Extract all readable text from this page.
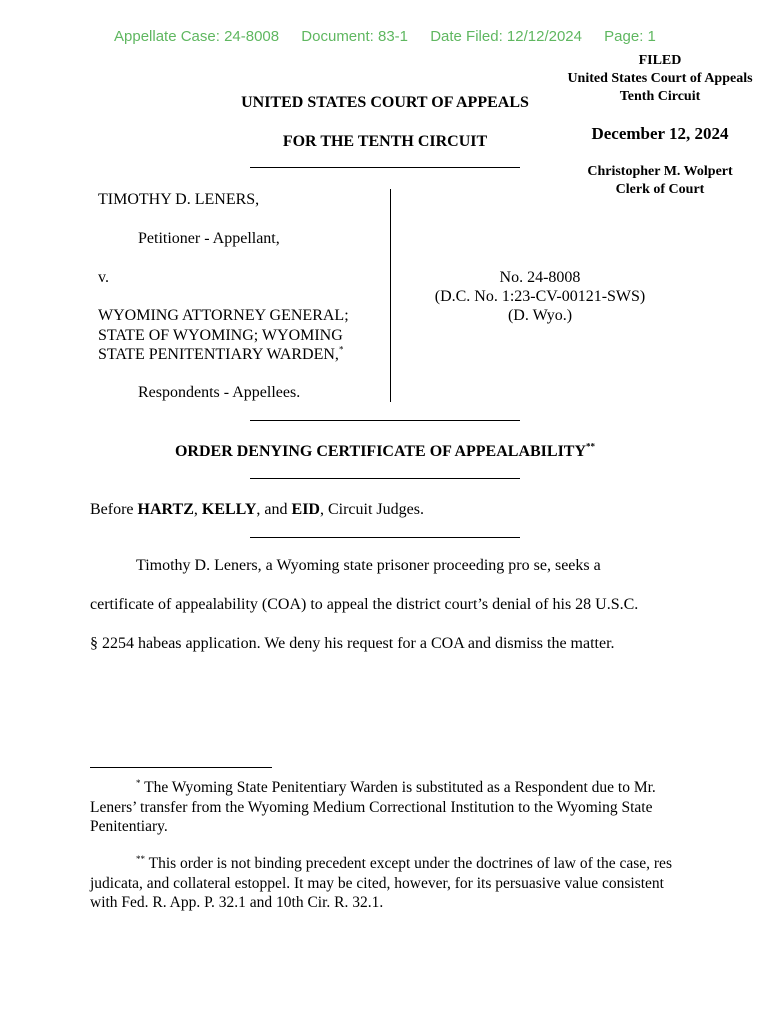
Appellate Case: 24-8008 Document: 83-1 Date Filed: 12/12/2024 Page: 1
FILED
United States Court of Appeals
Tenth Circuit
December 12, 2024
Christopher M. Wolpert
Clerk of Court
UNITED STATES COURT OF APPEALS
FOR THE TENTH CIRCUIT
TIMOTHY D. LENERS,
Petitioner - Appellant,
v.
WYOMING ATTORNEY GENERAL;
STATE OF WYOMING; WYOMING
STATE PENITENTIARY WARDEN,*
Respondents - Appellees.
No. 24-8008
(D.C. No. 1:23-CV-00121-SWS)
(D. Wyo.)
ORDER DENYING CERTIFICATE OF APPEALABILITY**
Before HARTZ, KELLY, and EID, Circuit Judges.
Timothy D. Leners, a Wyoming state prisoner proceeding pro se, seeks a
certificate of appealability (COA) to appeal the district court’s denial of his 28 U.S.C.
§ 2254 habeas application. We deny his request for a COA and dismiss the matter.
* The Wyoming State Penitentiary Warden is substituted as a Respondent due to Mr. Leners’ transfer from the Wyoming Medium Correctional Institution to the Wyoming State Penitentiary.
** This order is not binding precedent except under the doctrines of law of the case, res judicata, and collateral estoppel. It may be cited, however, for its persuasive value consistent with Fed. R. App. P. 32.1 and 10th Cir. R. 32.1.
